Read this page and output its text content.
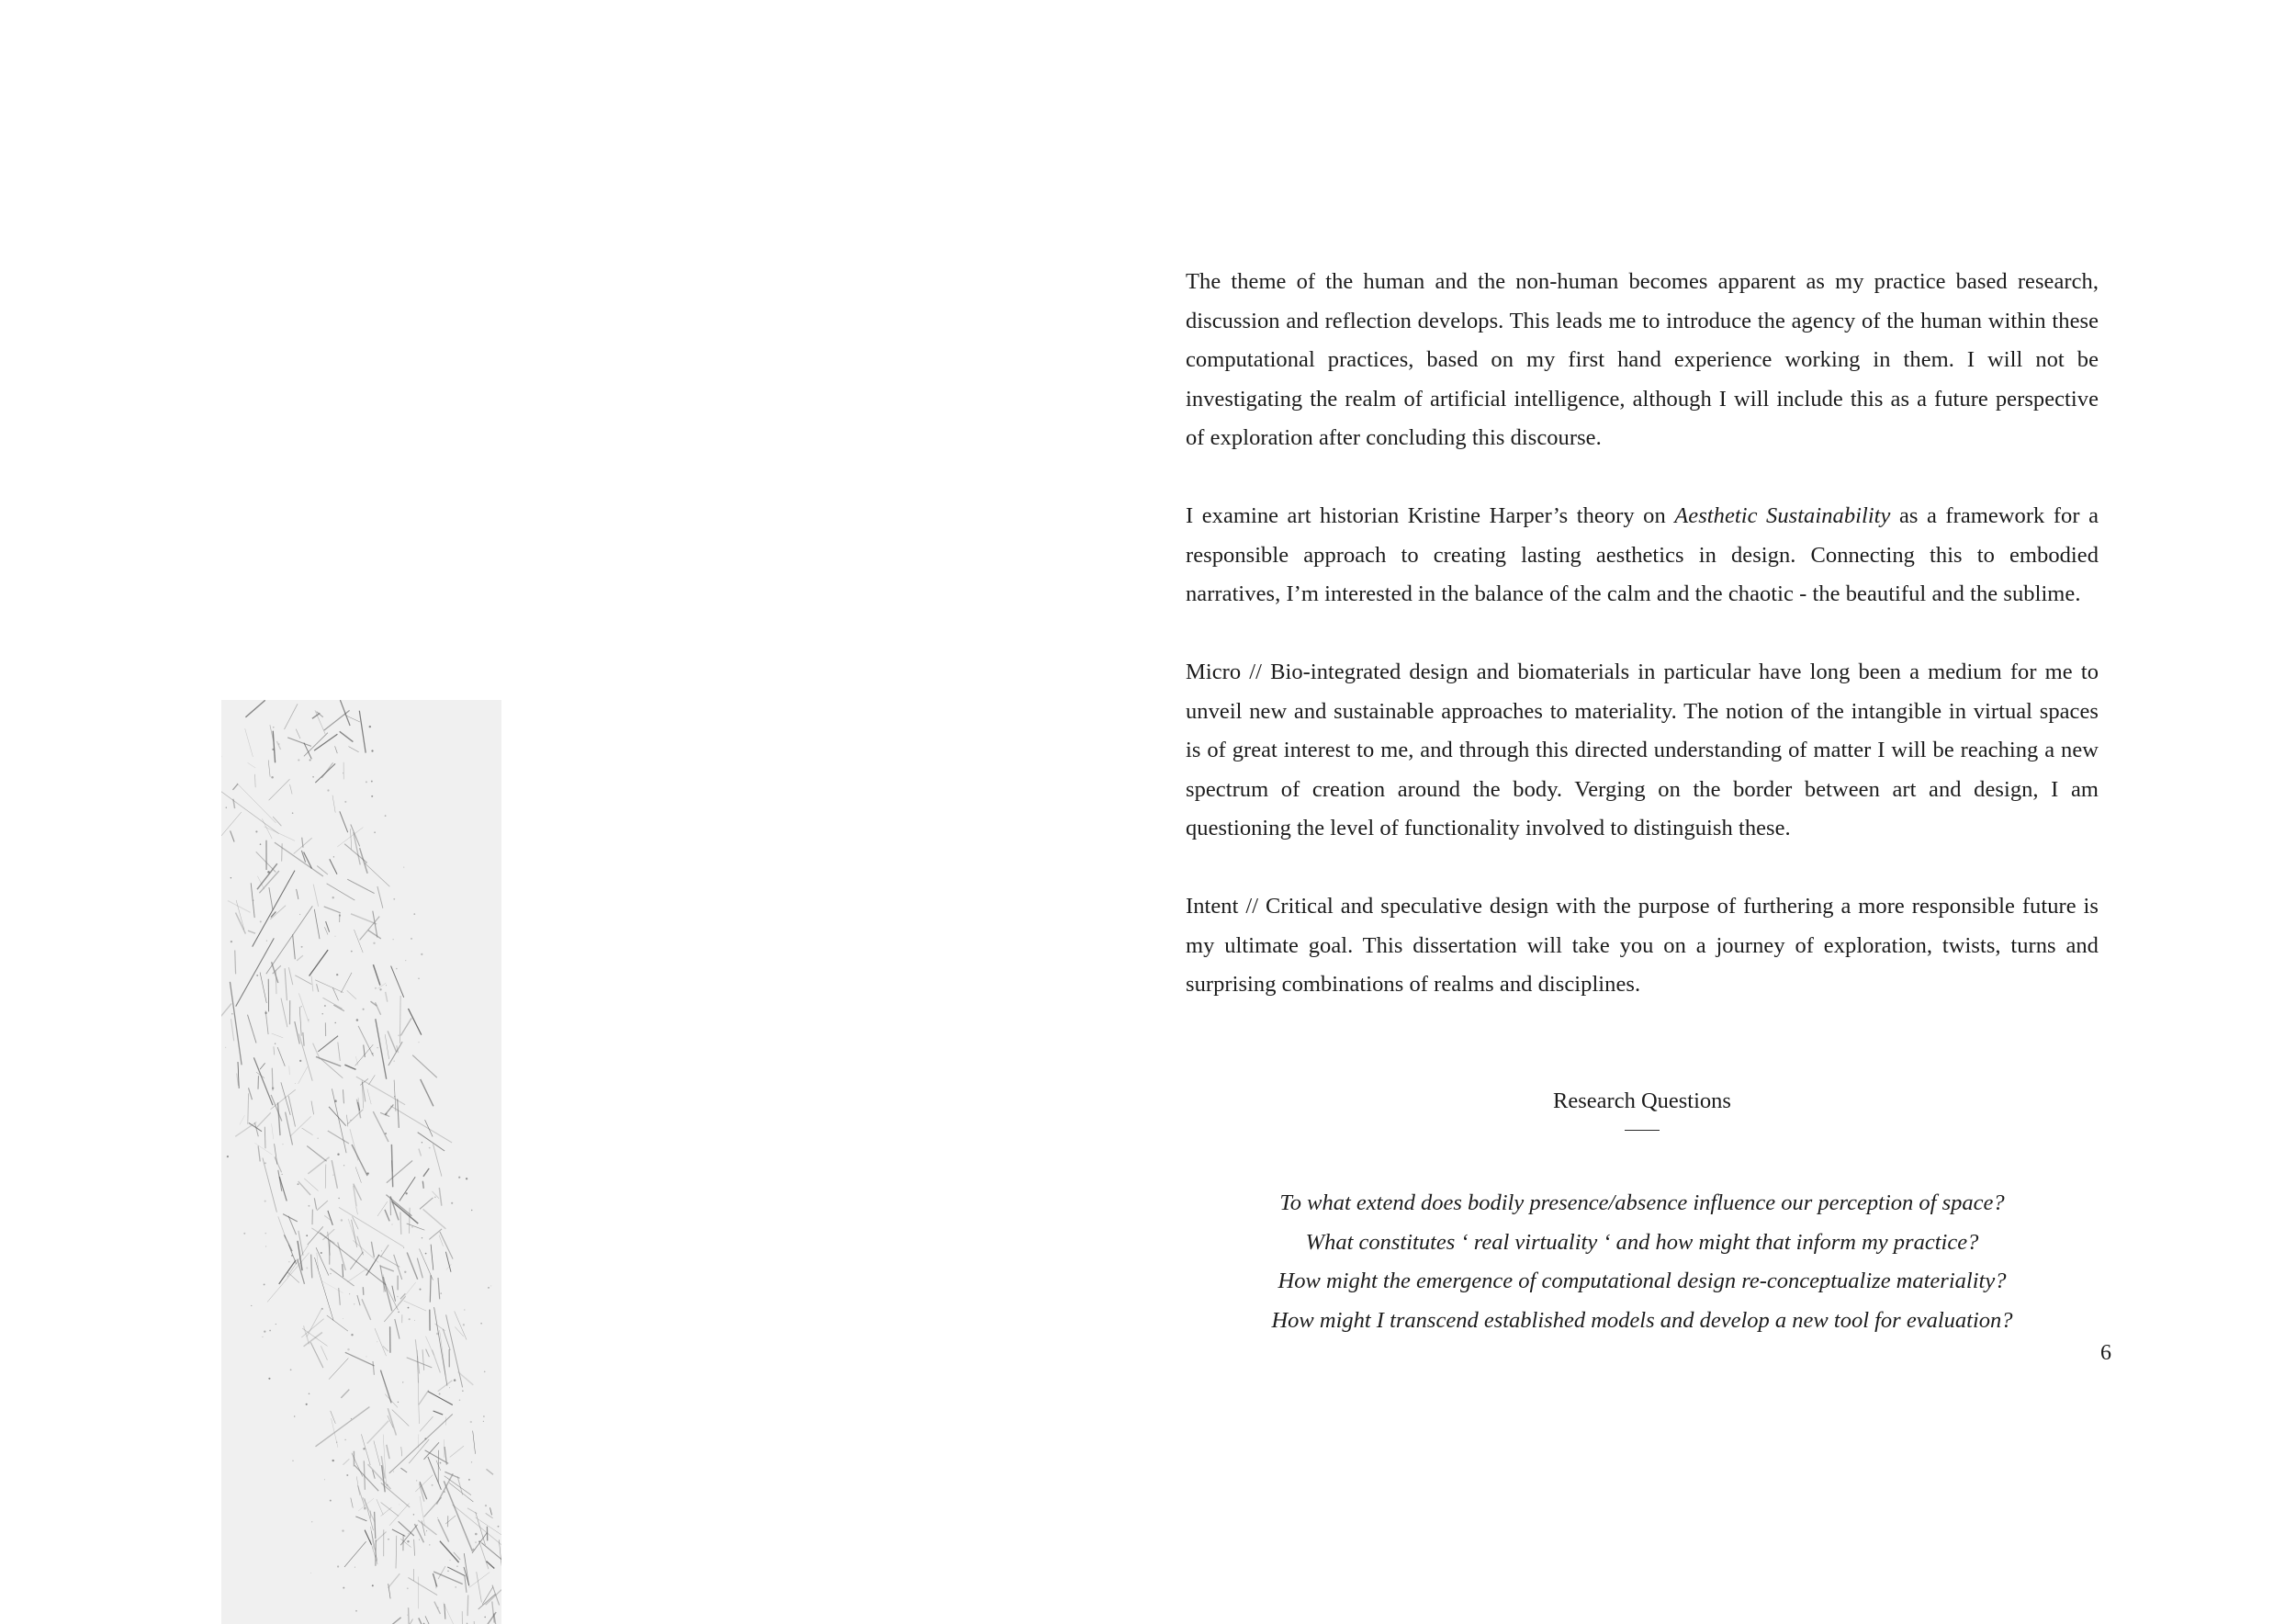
The theme of the human and the non-human becomes apparent as my practice based research, discussion and reflection develops. This leads me to introduce the agency of the human within these computational practices, based on my first hand experience working in them. I will not be investigating the realm of artificial intelligence, although I will include this as a future perspective of exploration after concluding this discourse.

I examine art historian Kristine Harper’s theory on Aesthetic Sustainability as a framework for a responsible approach to creating lasting aesthetics in design. Connecting this to embodied narratives, I’m interested in the balance of the calm and the chaotic - the beautiful and the sublime.

Micro // Bio-integrated design and biomaterials in particular have long been a medium for me to unveil new and sustainable approaches to materiality. The notion of the intangible in virtual spaces is of great interest to me, and through this directed understanding of matter I will be reaching a new spectrum of creation around the body. Verging on the border between art and design, I am questioning the level of functionality involved to distinguish these.

Intent // Critical and speculative design with the purpose of furthering a more responsible future is my ultimate goal. This dissertation will take you on a journey of exploration, twists, turns and surprising combinations of realms and disciplines.

Research Questions
To what extend does bodily presence/absence influence our perception of space?
What constitutes ‘ real virtuality ‘ and how might that inform my practice?
How might the emergence of computational design re-conceptualize materiality?
How might I transcend established models and develop a new tool for evaluation?
6
